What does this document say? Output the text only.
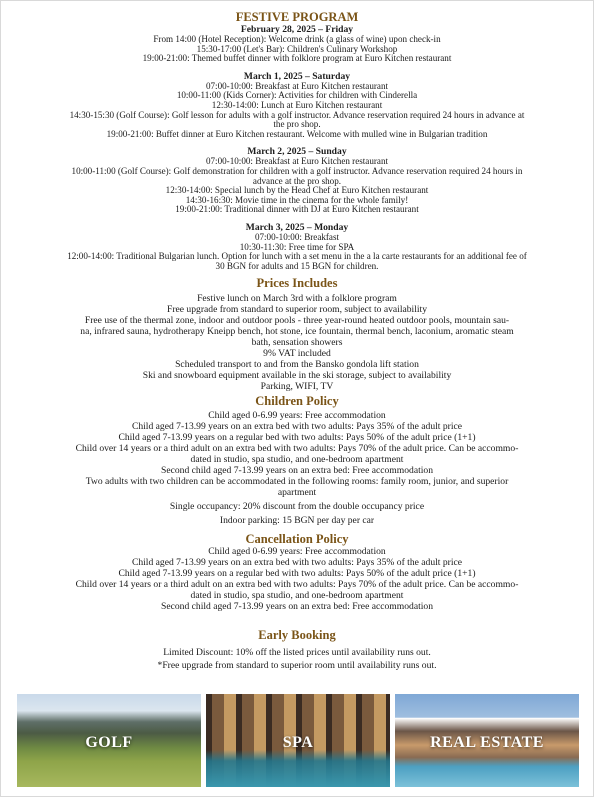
FESTIVE PROGRAM

February 28, 2025 – Friday

From 14:00 (Hotel Reception): Welcome drink (a glass of wine) upon check-in

15:30-17:00 (Let's Bar): Children's Culinary Workshop

19:00-21:00: Themed buffet dinner with folklore program at Euro Kitchen restaurant

March 1, 2025 – Saturday

07:00-10:00: Breakfast at Euro Kitchen restaurant

10:00-11:00 (Kids Corner): Activities for children with Cinderella

12:30-14:00: Lunch at Euro Kitchen restaurant

14:30-15:30 (Golf Course): Golf lesson for adults with a golf instructor. Advance reservation required 24 hours in advance at

the pro shop.

19:00-21:00: Buffet dinner at Euro Kitchen restaurant. Welcome with mulled wine in Bulgarian tradition

March 2, 2025 – Sunday

07:00-10:00: Breakfast at Euro Kitchen restaurant

10:00-11:00 (Golf Course): Golf demonstration for children with a golf instructor. Advance reservation required 24 hours in

advance at the pro shop.

12:30-14:00: Special lunch by the Head Chef at Euro Kitchen restaurant

14:30-16:30: Movie time in the cinema for the whole family!

19:00-21:00: Traditional dinner with DJ at Euro Kitchen restaurant

March 3, 2025 – Monday

07:00-10:00: Breakfast

10:30-11:30: Free time for SPA

12:00-14:00: Traditional Bulgarian lunch. Option for lunch with a set menu in the a la carte restaurants for an additional fee of

30 BGN for adults and 15 BGN for children.

Prices Includes

Festive lunch on March 3rd with a folklore program

Free upgrade from standard to superior room, subject to availability

Free use of the thermal zone, indoor and outdoor pools - three year-round heated outdoor pools, mountain sau-

na, infrared sauna, hydrotherapy Kneipp bench, hot stone, ice fountain, thermal bench, laconium, aromatic steam

bath, sensation showers

9% VAT included

Scheduled transport to and from the Bansko gondola lift station

Ski and snowboard equipment available in the ski storage, subject to availability

Parking, WIFI, TV

Children Policy

Child aged 0-6.99 years: Free accommodation

Child aged 7-13.99 years on an extra bed with two adults: Pays 35% of the adult price

Child aged 7-13.99 years on a regular bed with two adults: Pays 50% of the adult price (1+1)

Child over 14 years or a third adult on an extra bed with two adults: Pays 70% of the adult price. Can be accommo-

dated in studio, spa studio, and one-bedroom apartment

Second child aged 7-13.99 years on an extra bed: Free accommodation

Two adults with two children can be accommodated in the following rooms: family room, junior, and superior

apartment

Single occupancy: 20% discount from the double occupancy price

Indoor parking: 15 BGN per day per car

Cancellation Policy

Child aged 0-6.99 years: Free accommodation

Child aged 7-13.99 years on an extra bed with two adults: Pays 35% of the adult price

Child aged 7-13.99 years on a regular bed with two adults: Pays 50% of the adult price (1+1)

Child over 14 years or a third adult on an extra bed with two adults: Pays 70% of the adult price. Can be accommo-

dated in studio, spa studio, and one-bedroom apartment

Second child aged 7-13.99 years on an extra bed: Free accommodation

Early Booking

Limited Discount: 10% off the listed prices until availability runs out.

*Free upgrade from standard to superior room until availability runs out.

GOLF	SPA	REAL ESTATE
